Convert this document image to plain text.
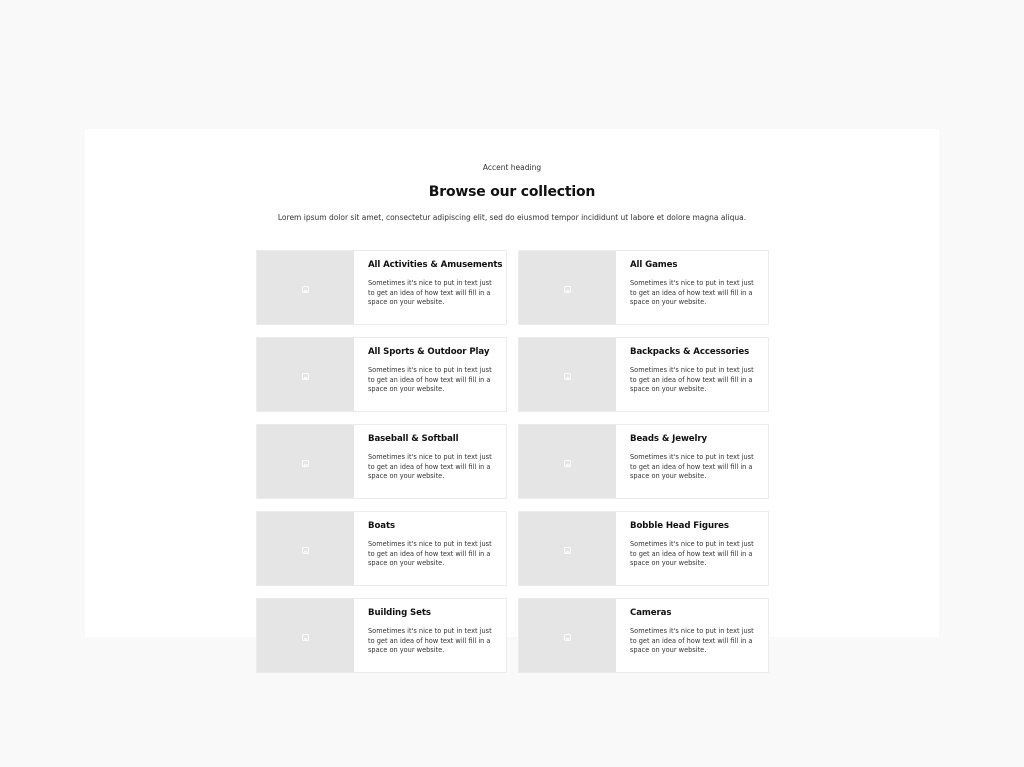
Accent heading
Browse our collection
Lorem ipsum dolor sit amet, consectetur adipiscing elit, sed do eiusmod tempor incididunt ut labore et dolore magna aliqua.
All Activities & Amusements
Sometimes it's nice to put in text just to get an idea of how text will fill in a space on your website.
All Games
Sometimes it's nice to put in text just to get an idea of how text will fill in a space on your website.
All Sports & Outdoor Play
Sometimes it's nice to put in text just to get an idea of how text will fill in a space on your website.
Backpacks & Accessories
Sometimes it's nice to put in text just to get an idea of how text will fill in a space on your website.
Baseball & Softball
Sometimes it's nice to put in text just to get an idea of how text will fill in a space on your website.
Beads & Jewelry
Sometimes it's nice to put in text just to get an idea of how text will fill in a space on your website.
Boats
Sometimes it's nice to put in text just to get an idea of how text will fill in a space on your website.
Bobble Head Figures
Sometimes it's nice to put in text just to get an idea of how text will fill in a space on your website.
Building Sets
Sometimes it's nice to put in text just to get an idea of how text will fill in a space on your website.
Cameras
Sometimes it's nice to put in text just to get an idea of how text will fill in a space on your website.
